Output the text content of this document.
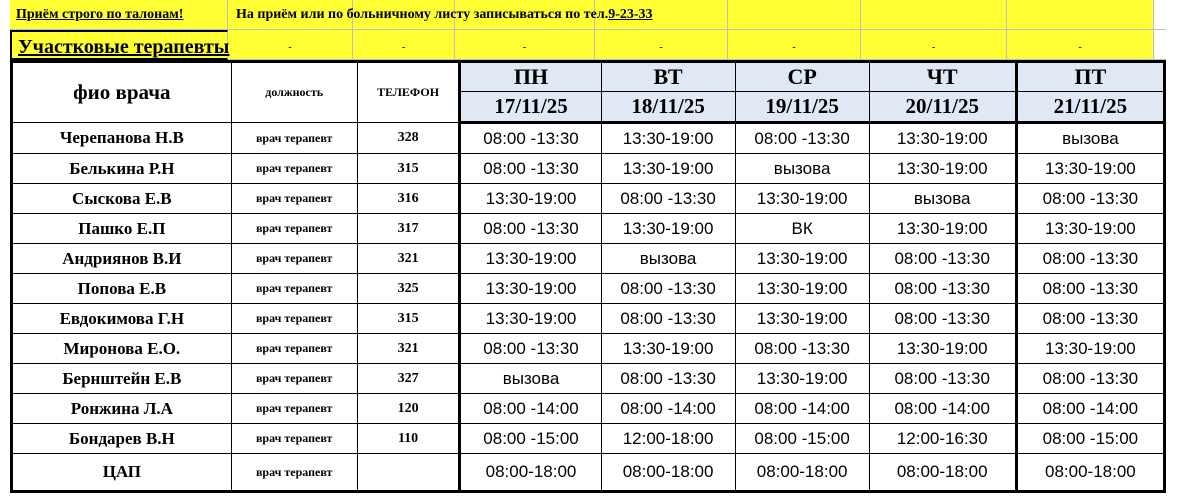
Приём строго по талонам!	На приём или по больничному листу записываться по тел.9-23-33
Участковые терапевты	-	-	-	-	-	-	-
фио врача	должность	ТЕЛЕФОН	ПН	ВТ	СР	ЧТ	ПТ
			17/11/25	18/11/25	19/11/25	20/11/25	21/11/25
Черепанова Н.В	врач терапевт	328	08:00 -13:30	13:30-19:00	08:00 -13:30	13:30-19:00	вызова
Белькина Р.Н	врач терапевт	315	08:00 -13:30	13:30-19:00	вызова	13:30-19:00	13:30-19:00
Сыскова Е.В	врач терапевт	316	13:30-19:00	08:00 -13:30	13:30-19:00	вызова	08:00 -13:30
Пашко Е.П	врач терапевт	317	08:00 -13:30	13:30-19:00	ВК	13:30-19:00	13:30-19:00
Андриянов В.И	врач терапевт	321	13:30-19:00	вызова	13:30-19:00	08:00 -13:30	08:00 -13:30
Попова Е.В	врач терапевт	325	13:30-19:00	08:00 -13:30	13:30-19:00	08:00 -13:30	08:00 -13:30
Евдокимова Г.Н	врач терапевт	315	13:30-19:00	08:00 -13:30	13:30-19:00	08:00 -13:30	08:00 -13:30
Миронова Е.О.	врач терапевт	321	08:00 -13:30	13:30-19:00	08:00 -13:30	13:30-19:00	13:30-19:00
Бернштейн Е.В	врач терапевт	327	вызова	08:00 -13:30	13:30-19:00	08:00 -13:30	08:00 -13:30
Ронжина Л.А	врач терапевт	120	08:00 -14:00	08:00 -14:00	08:00 -14:00	08:00 -14:00	08:00 -14:00
Бондарев В.Н	врач терапевт	110	08:00 -15:00	12:00-18:00	08:00 -15:00	12:00-16:30	08:00 -15:00
ЦАП	врач терапевт		08:00-18:00	08:00-18:00	08:00-18:00	08:00-18:00	08:00-18:00
